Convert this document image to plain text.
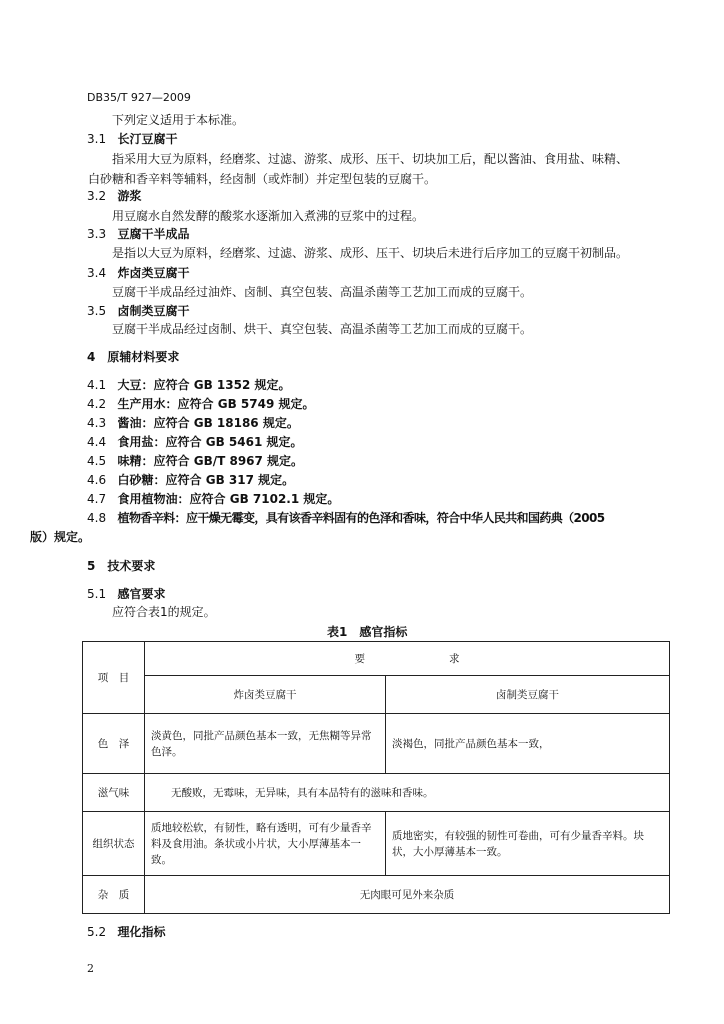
DB35/T 927—2009
下列定义适用于本标准。
3.1 长汀豆腐干
指采用大豆为原料，经磨浆、过滤、游浆、成形、压干、切块加工后，配以酱油、食用盐、味精、
白砂糖和香辛料等辅料，经卤制（或炸制）并定型包装的豆腐干。
3.2 游浆
用豆腐水自然发酵的酸浆水逐渐加入煮沸的豆浆中的过程。
3.3 豆腐干半成品
是指以大豆为原料，经磨浆、过滤、游浆、成形、压干、切块后未进行后序加工的豆腐干初制品。
3.4 炸卤类豆腐干
豆腐干半成品经过油炸、卤制、真空包装、高温杀菌等工艺加工而成的豆腐干。
3.5 卤制类豆腐干
豆腐干半成品经过卤制、烘干、真空包装、高温杀菌等工艺加工而成的豆腐干。
4　原辅材料要求
4.1 大豆：应符合 GB 1352 规定。
4.2 生产用水：应符合 GB 5749 规定。
4.3 酱油：应符合 GB 18186 规定。
4.4 食用盐：应符合 GB 5461 规定。
4.5 味精：应符合 GB/T 8967 规定。
4.6 白砂糖：应符合 GB 317 规定。
4.7 食用植物油：应符合 GB 7102.1 规定。
4.8 植物香辛料：应干燥无霉变，具有该香辛料固有的色泽和香味，符合中华人民共和国药典（2005
版）规定。
5　技术要求
5.1 感官要求
应符合表1的规定。
表1　感官指标
项　目	要　　　　　　　　求	
	炸卤类豆腐干	卤制类豆腐干
色　泽	淡黄色，同批产品颜色基本一致，无焦糊等异常色泽。	淡褐色，同批产品颜色基本一致，
滋气味	无酸败，无霉味，无异味，具有本品特有的滋味和香味。	
组织状态	质地较松软，有韧性，略有透明，可有少量香辛料及食用油。条状或小片状，大小厚薄基本一致。	质地密实，有较强的韧性可卷曲，可有少量香辛料。块状，大小厚薄基本一致。
杂　质	无肉眼可见外来杂质	
5.2 理化指标
2
